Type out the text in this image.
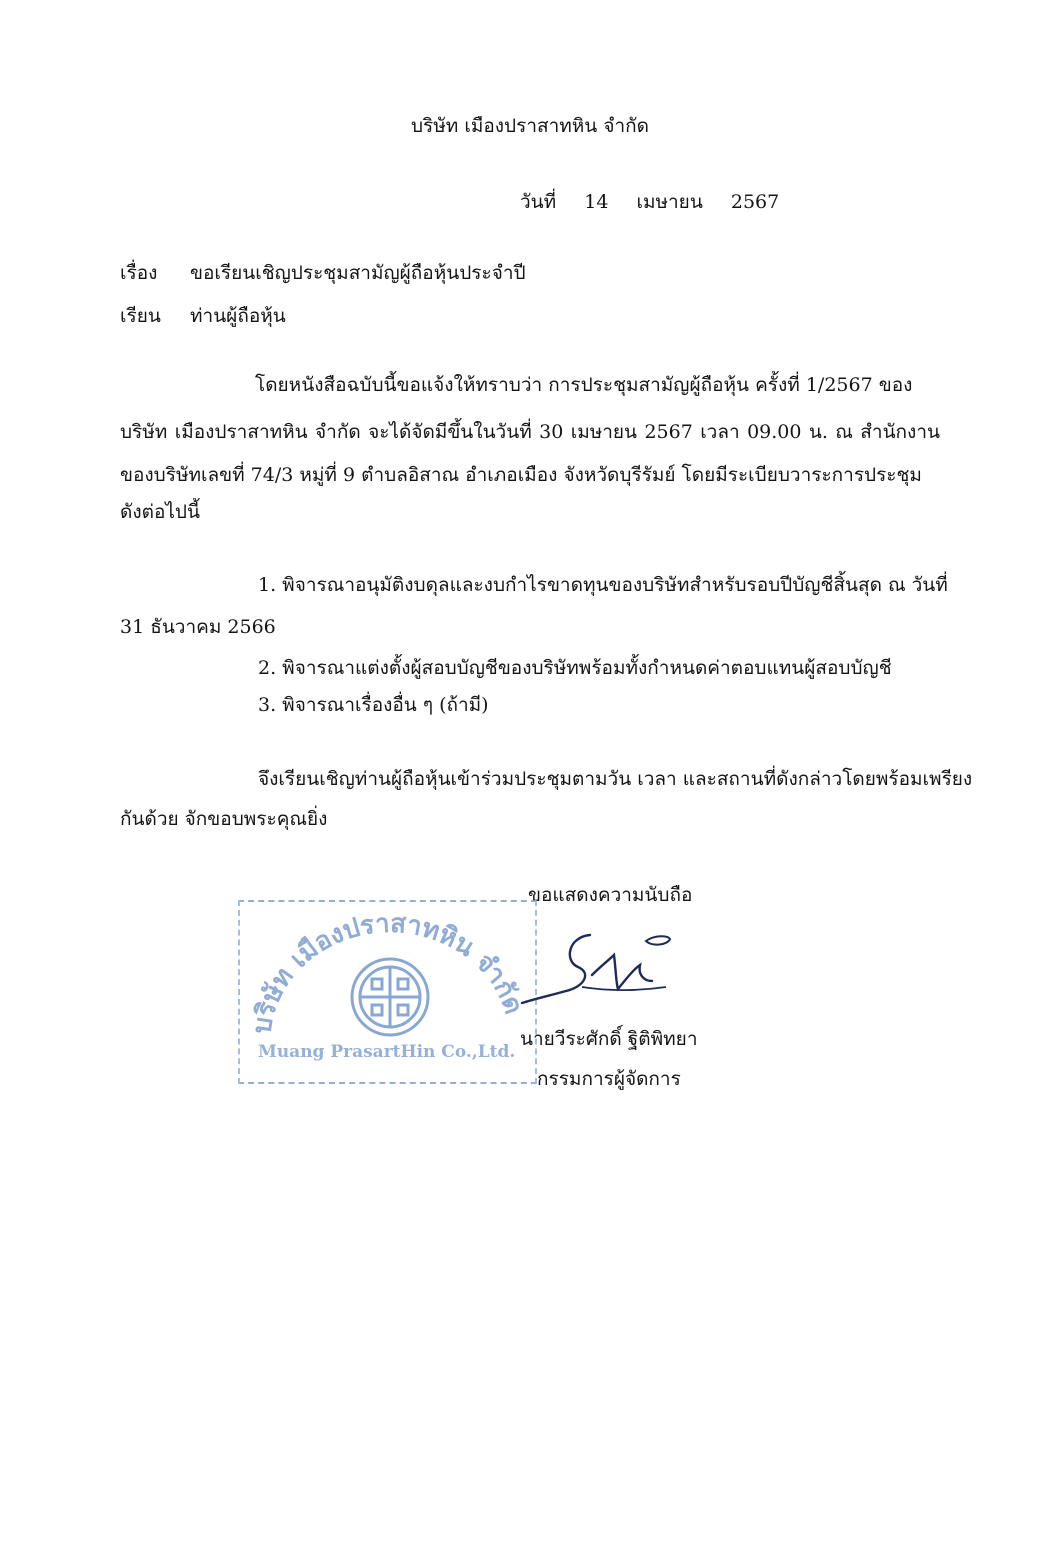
บริษัท เมืองปราสาทหิน จำกัด
วันที่ 14 เมษายน 2567
เรื่อง ขอเรียนเชิญประชุมสามัญผู้ถือหุ้นประจำปี
เรียน ท่านผู้ถือหุ้น
โดยหนังสือฉบับนี้ขอแจ้งให้ทราบว่า การประชุมสามัญผู้ถือหุ้น ครั้งที่ 1/2567 ของ
บริษัท เมืองปราสาทหิน จำกัด จะได้จัดมีขึ้นในวันที่ 30 เมษายน 2567 เวลา 09.00 น. ณ สำนักงาน
ของบริษัทเลขที่ 74/3 หมู่ที่ 9 ตำบลอิสาณ อำเภอเมือง จังหวัดบุรีรัมย์ โดยมีระเบียบวาระการประชุม
ดังต่อไปนี้
1. พิจารณาอนุมัติงบดุลและงบกำไรขาดทุนของบริษัทสำหรับรอบปีบัญชีสิ้นสุด ณ วันที่
31 ธันวาคม 2566
2. พิจารณาแต่งตั้งผู้สอบบัญชีของบริษัทพร้อมทั้งกำหนดค่าตอบแทนผู้สอบบัญชี
3. พิจารณาเรื่องอื่น ๆ (ถ้ามี)
จึงเรียนเชิญท่านผู้ถือหุ้นเข้าร่วมประชุมตามวัน เวลา และสถานที่ดังกล่าวโดยพร้อมเพรียง
กันด้วย จักขอบพระคุณยิ่ง
ขอแสดงความนับถือ
บริษัท เมืองปราสาทหิน จำกัด
Muang PrasartHin Co.,Ltd.
นายวีระศักดิ์ ฐิติพิทยา
กรรมการผู้จัดการ
